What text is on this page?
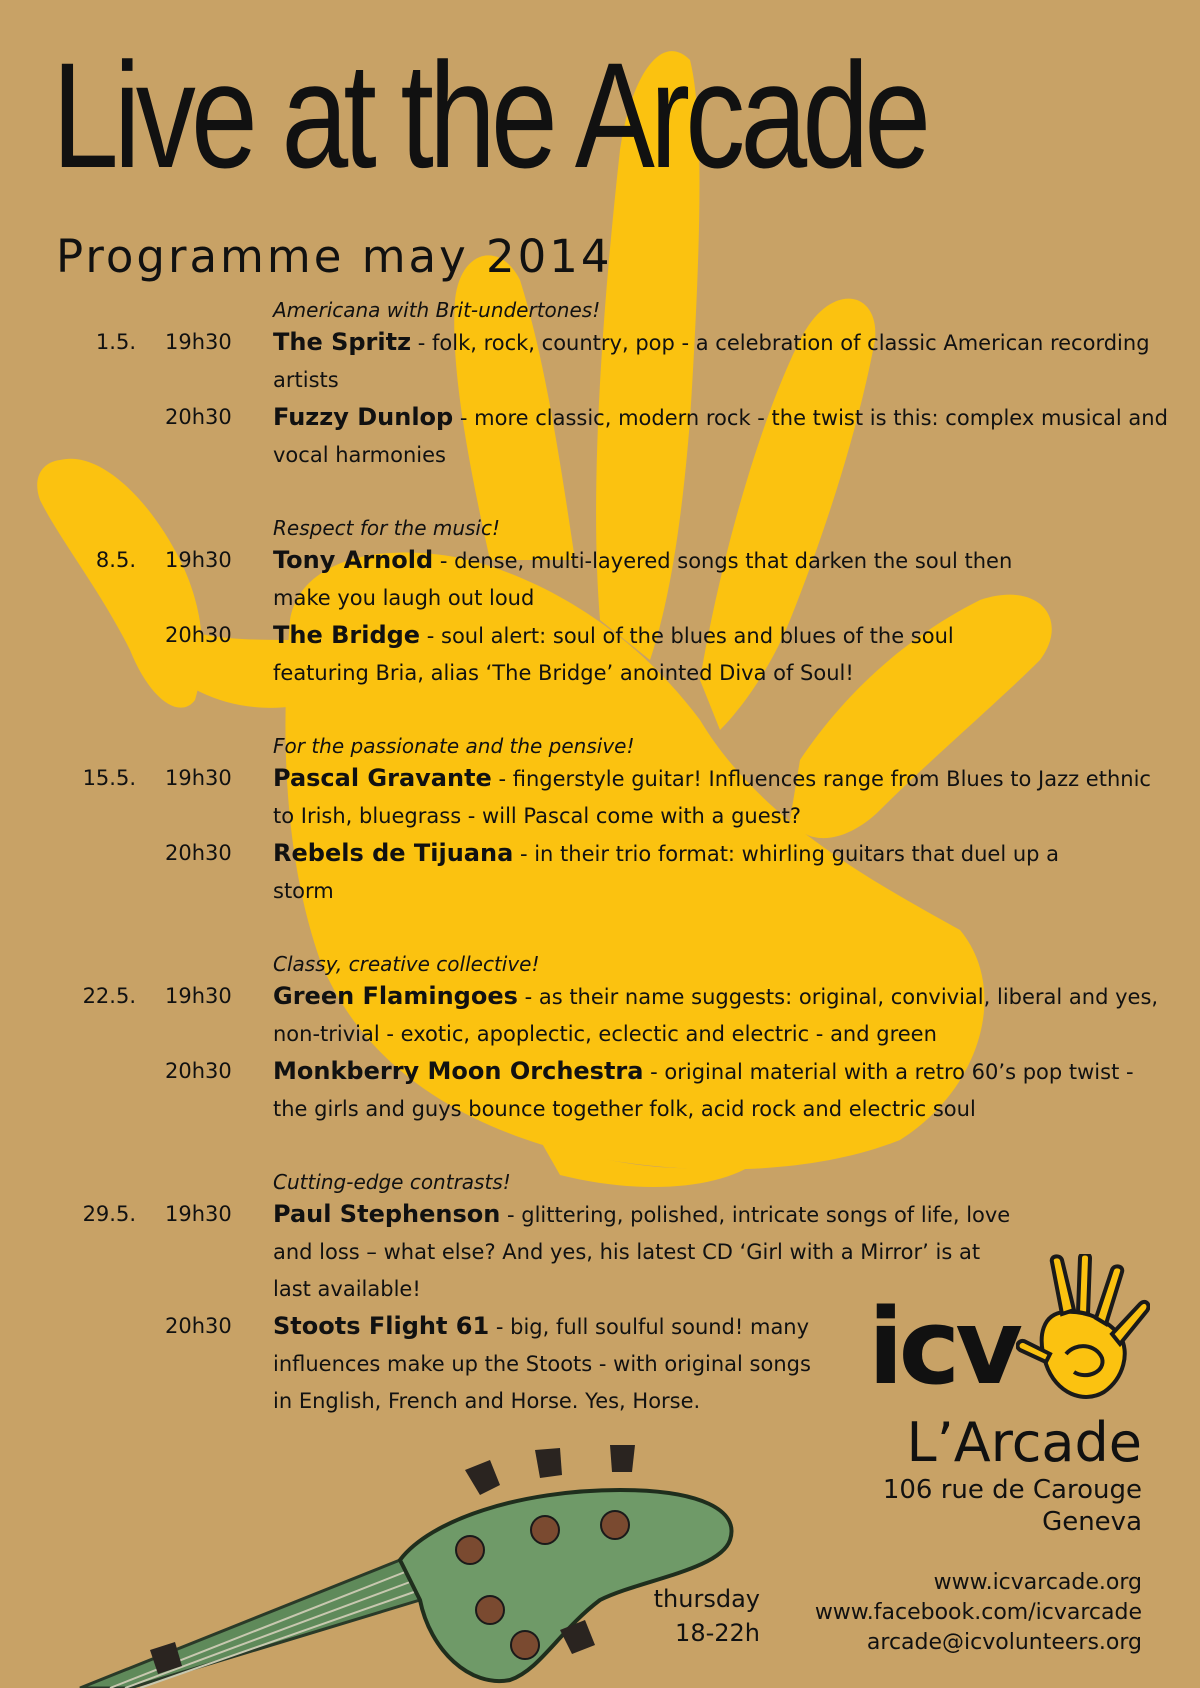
Live at the Arcade
Programme may 2014
Americana with Brit-undertones!
1.5. 19h30 The Spritz - folk, rock, country, pop - a celebration of classic American recording artists
20h30 Fuzzy Dunlop - more classic, modern rock - the twist is this: complex musical and vocal harmonies
Respect for the music!
8.5. 19h30 Tony Arnold - dense, multi-layered songs that darken the soul then make you laugh out loud
20h30 The Bridge - soul alert: soul of the blues and blues of the soul featuring Bria, alias ‘The Bridge’ anointed Diva of Soul!
For the passionate and the pensive!
15.5. 19h30 Pascal Gravante - fingerstyle guitar! Influences range from Blues to Jazz ethnic to Irish, bluegrass - will Pascal come with a guest?
20h30 Rebels de Tijuana - in their trio format: whirling guitars that duel up a storm
Classy, creative collective!
22.5. 19h30 Green Flamingoes - as their name suggests: original, convivial, liberal and yes, non-trivial - exotic, apoplectic, eclectic and electric - and green
20h30 Monkberry Moon Orchestra - original material with a retro 60’s pop twist - the girls and guys bounce together folk, acid rock and electric soul
Cutting-edge contrasts!
29.5. 19h30 Paul Stephenson - glittering, polished, intricate songs of life, love and loss – what else? And yes, his latest CD ‘Girl with a Mirror’ is at last available!
20h30 Stoots Flight 61 - big, full soulful sound! many influences make up the Stoots - with original songs in English, French and Horse. Yes, Horse.	icv
L’Arcade
106 rue de Carouge
Geneva
www.icvarcade.org
www.facebook.com/icvarcade
arcade@icvolunteers.org
thursday
18-22h
